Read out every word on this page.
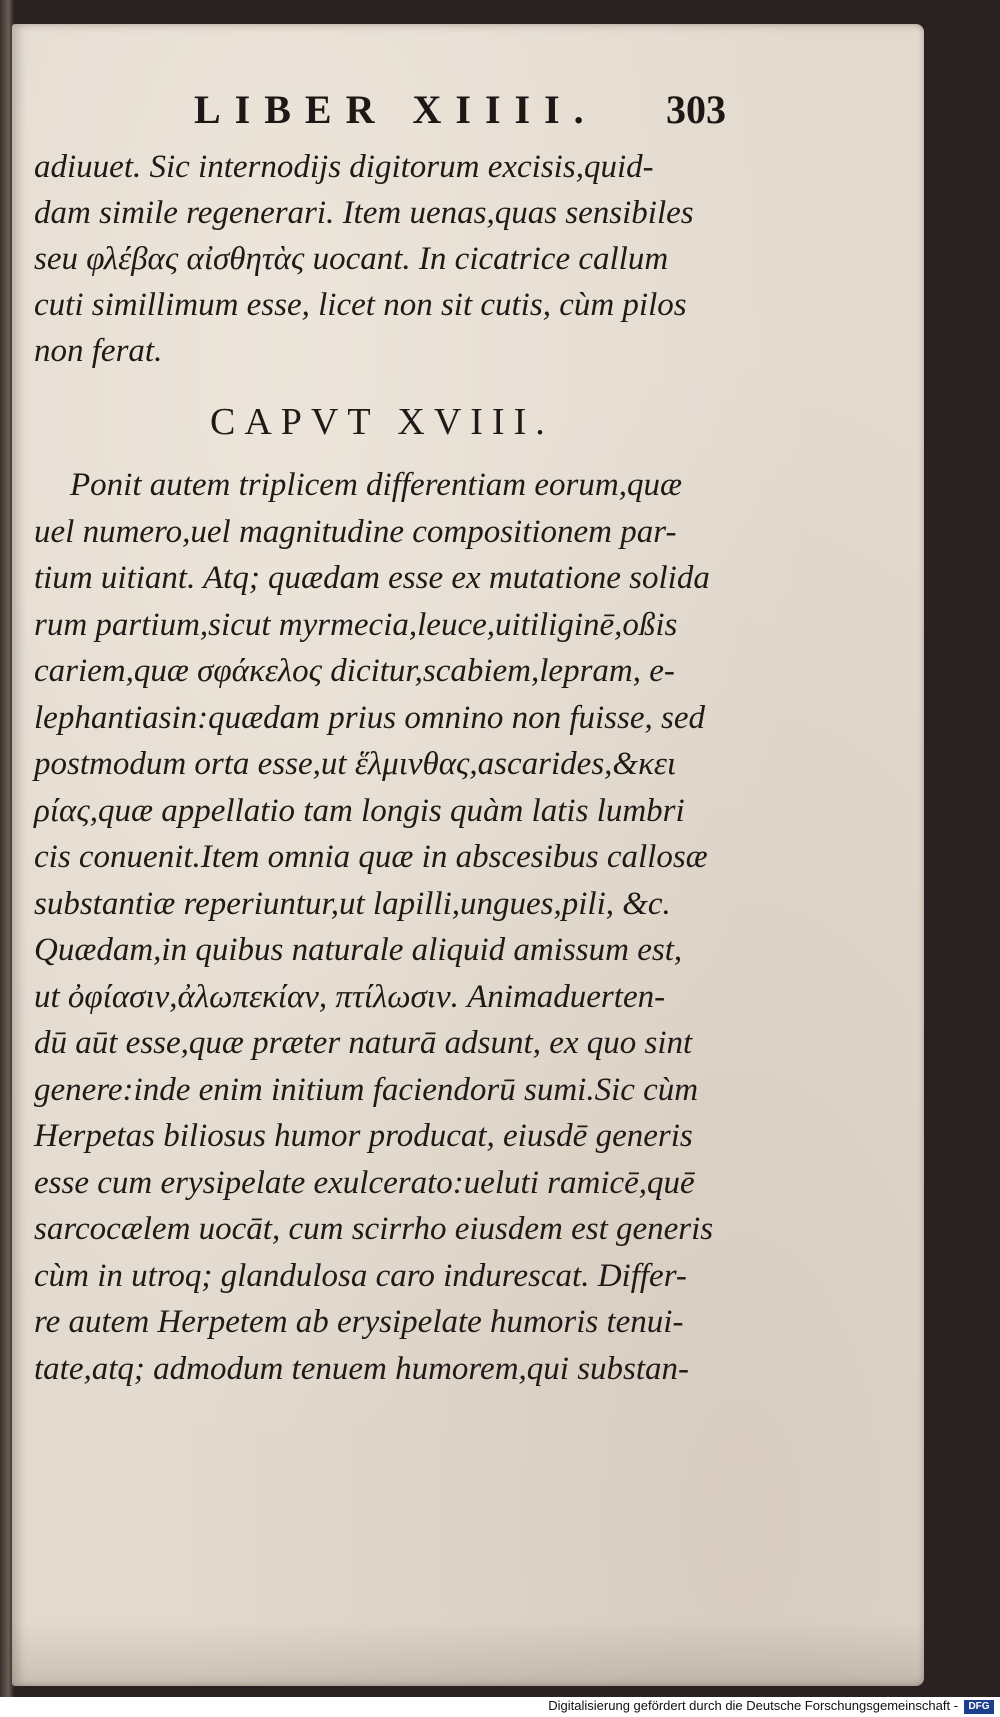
LIBER XIIII. 303
adiuuet. Sic internodijs digitorum excisis,quid-
dam simile regenerari. Item uenas,quas sensibiles
seu φλέβας αἰσθητὰς uocant. In cicatrice callum
cuti simillimum esse, licet non sit cutis, cùm pilos
non ferat.
CAPVT XVIII.
Ponit autem triplicem differentiam eorum,quæ
uel numero,uel magnitudine compositionem par-
tium uitiant. Atq; quædam esse ex mutatione solida
rum partium,sicut myrmecia,leuce,uitiliginē,oßis
cariem,quæ σφάκελος dicitur,scabiem,lepram, e-
lephantiasin:quædam prius omnino non fuisse, sed
postmodum orta esse,ut ἕλμινθας,ascarides,&κει
ρίας,quæ appellatio tam longis quàm latis lumbri
cis conuenit.Item omnia quæ in abscesibus callosæ
substantiæ reperiuntur,ut lapilli,ungues,pili, &c.
Quædam,in quibus naturale aliquid amissum est,
ut ὀφίασιν,ἀλωπεκίαν, πτίλωσιν. Animaduerten-
dū aūt esse,quæ præter naturā adsunt, ex quo sint
genere:inde enim initium faciendorū sumi.Sic cùm
Herpetas biliosus humor producat, eiusdē generis
esse cum erysipelate exulcerato:ueluti ramicē,quē
sarcocælem uocāt, cum scirrho eiusdem est generis
cùm in utroq; glandulosa caro indurescat. Differ-
re autem Herpetem ab erysipelate humoris tenui-
tate,atq; admodum tenuem humorem,qui substan-
Digitalisierung gefördert durch die Deutsche Forschungsgemeinschaft -	DFG
